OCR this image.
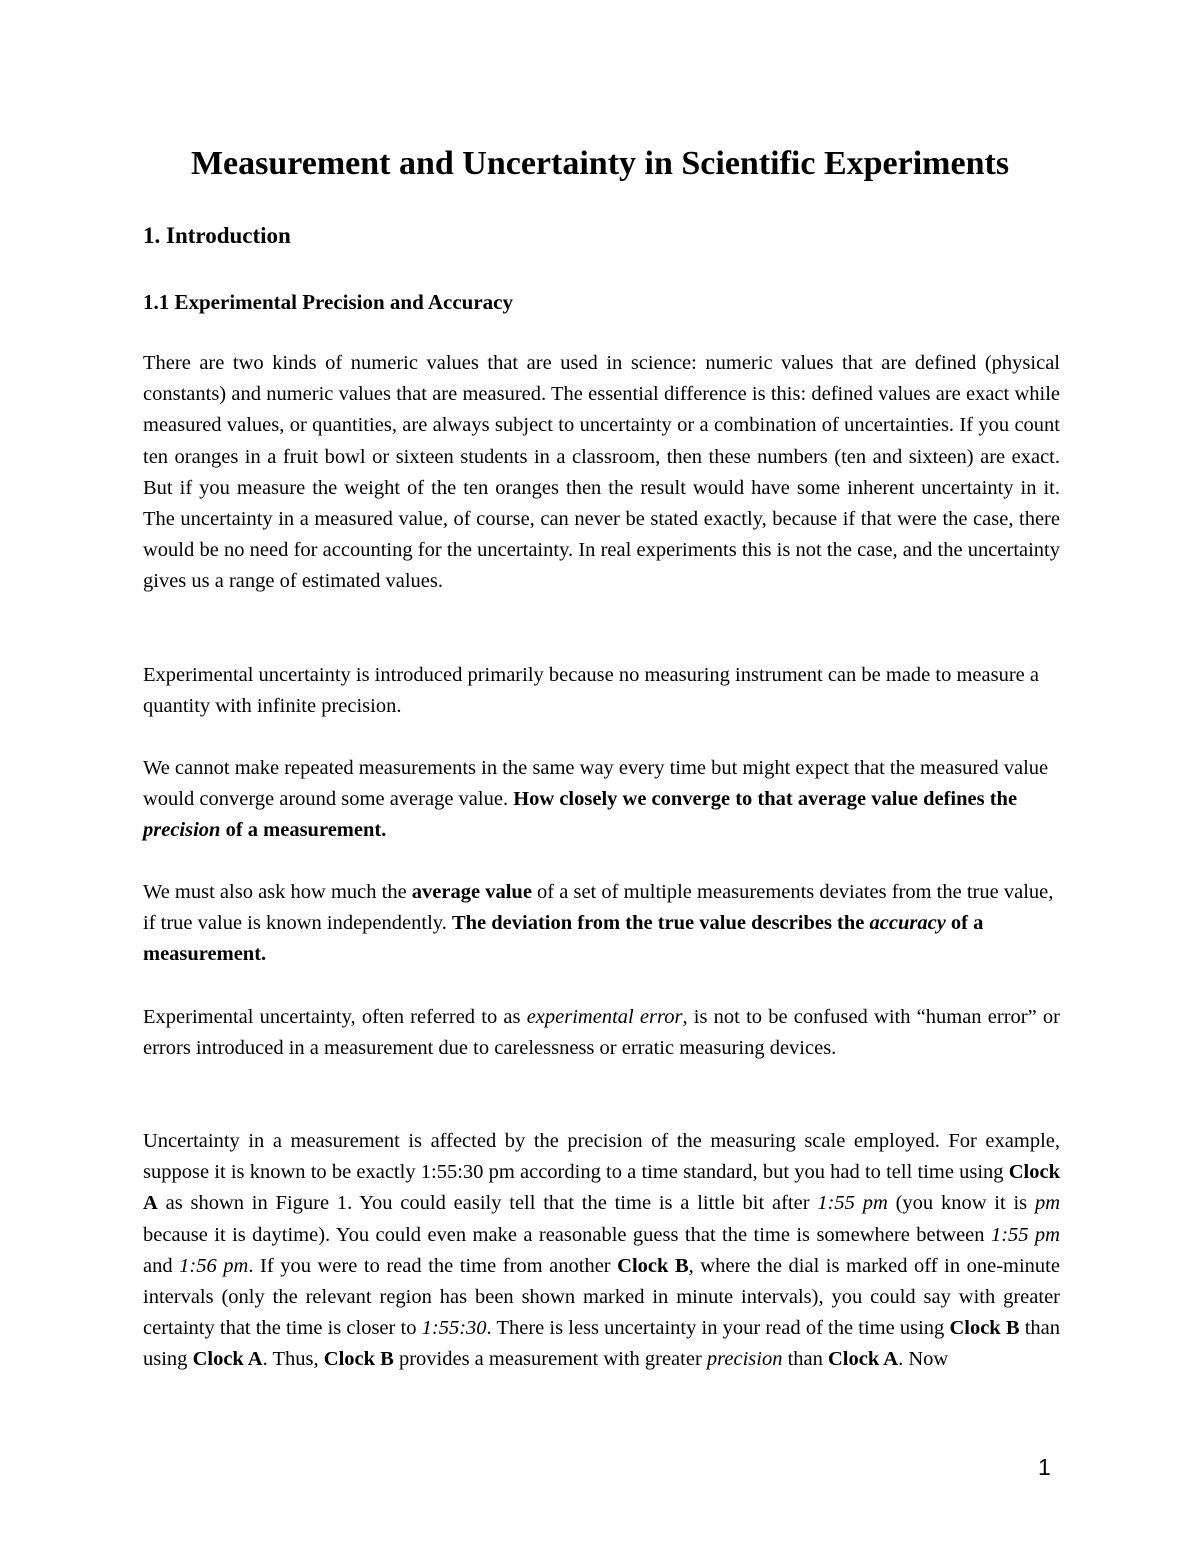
Measurement and Uncertainty in Scientific Experiments
1. Introduction
1.1 Experimental Precision and Accuracy

There are two kinds of numeric values that are used in science: numeric values that are defined (physical constants) and numeric values that are measured. The essential difference is this: defined values are exact while measured values, or quantities, are always subject to uncertainty or a combination of uncertainties. If you count ten oranges in a fruit bowl or sixteen students in a classroom, then these numbers (ten and sixteen) are exact. But if you measure the weight of the ten oranges then the result would have some inherent uncertainty in it. The uncertainty in a measured value, of course, can never be stated exactly, because if that were the case, there would be no need for accounting for the uncertainty. In real experiments this is not the case, and the uncertainty gives us a range of estimated values.

Experimental uncertainty is introduced primarily because no measuring instrument can be made to measure a quantity with infinite precision.

We cannot make repeated measurements in the same way every time but might expect that the measured value would converge around some average value. How closely we converge to that average value defines the precision of a measurement.

We must also ask how much the average value of a set of multiple measurements deviates from the true value, if true value is known independently. The deviation from the true value describes the accuracy of a measurement.

Experimental uncertainty, often referred to as experimental error, is not to be confused with “human error” or errors introduced in a measurement due to carelessness or erratic measuring devices.

Uncertainty in a measurement is affected by the precision of the measuring scale employed. For example, suppose it is known to be exactly 1:55:30 pm according to a time standard, but you had to tell time using Clock A as shown in Figure 1. You could easily tell that the time is a little bit after 1:55 pm (you know it is pm because it is daytime). You could even make a reasonable guess that the time is somewhere between 1:55 pm and 1:56 pm. If you were to read the time from another Clock B, where the dial is marked off in one-minute intervals (only the relevant region has been shown marked in minute intervals), you could say with greater certainty that the time is closer to 1:55:30. There is less uncertainty in your read of the time using Clock B than using Clock A. Thus, Clock B provides a measurement with greater precision than Clock A. Now

1
